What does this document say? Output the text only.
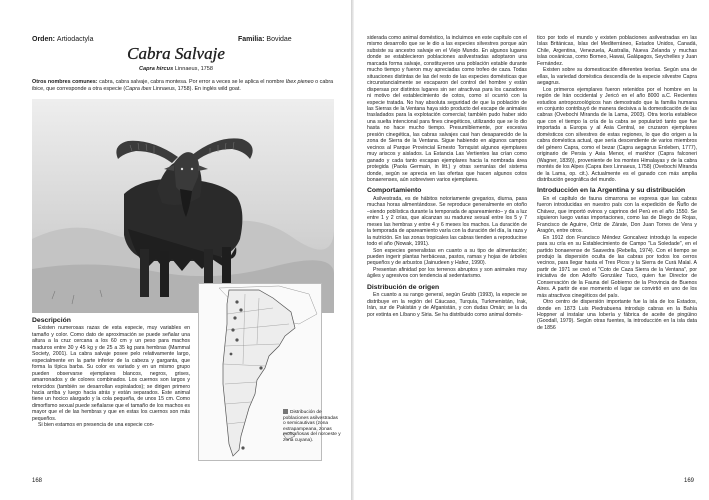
Orden: Artiodactyla	Familia: Bovidae
Cabra Salvaje
Capra hircus Linnaeus, 1758
Otros nombres comunes: cabra, cabra salvaje, cabra montesa. Por error a veces se le aplica el nombre Ibex pieneo o cabra ibice, que corresponde a otra especie (Capra ibex Linnaeus, 1758). En inglés wild goat.
Distribución de poblaciones asilvestradas o semicautivas (zona extrapampeana, zonas montañosas del noroeste y zona cuyana).
Descripción

Existen numerosas razas de esta especie, muy variables en tamaño y color. Como dato de aproximación se puede señalar una altura a la cruz cercana a los 60 cm y un peso para machos maduros entre 30 y 45 kg y de 25 a 35 kg para hembras (Mammal Society, 2001). La cabra salvaje posee pelo relativamente largo, especialmente en la parte inferior de la cabeza y garganta, que forma la típica barba. Su color es variado y en un mismo grupo pueden observarse ejemplares blancos, negros, grises, amarronados y de colores combinados. Los cuernos son largos y retorcidos (también se desarrollan espiralados); se dirigen primero hacia arriba y luego hacia atrás y están separados. Este animal tiene un hocico alargado y la cola pequeña, de unos 15 cm. Como dimorfismo sexual puede señalarse que el tamaño de los machos es mayor que el de las hembras y que en estas los cuernos son más pequeños.

Si bien estamos en presencia de una especie con-

168

siderada como animal doméstico, la incluimos en este capítulo con el mismo desarrollo que se le dio a las especies silvestres porque aún subsiste su ancestro salvaje en el Viejo Mundo. En algunos lugares donde se establecieron poblaciones asilvestradas adoptaron una marcada forma salvaje, constituyeron una población estable durante mucho tiempo y fueron muy apreciadas como trofeo de caza. Todas situaciones distintas de las del resto de las especies domésticas que circunstancialmente se escaparon del control del hombre y están dispersas por distintos lugares sin ser atractivas para los cazadores ni motivo del establecimiento de cotos, como sí ocurrió con la especie tratada. No hay absoluta seguridad de que la población de las Sierras de la Ventana haya sido producto del escape de animales trasladados para la explotación comercial; también pudo haber sido una suelta intencional para fines cinegéticos, utilizando que se lo dio hasta no hace mucho tiempo. Presumiblemente, por excesiva presión cinegética, las cabras salvajes casi han desaparecido de la zona de Sierra de la Ventana. Sigue habiendo en algunos campos vecinos al Parque Provincial Ernesto Tornquist algunos ejemplares muy ariscos y aislados. La Estancia Las Vertientes las crían como ganado y cada tanto escapan ejemplares hacia la nombrada área protegida (Paola Germain, in litt.) y otras serranías del sistema donde, según se aprecia en las ofertas que hacen algunos cotos bonaerenses, aún sobreviven varios ejemplares.

Comportamiento

Asilvestrada, es de hábitos notoriamente gregarios, diurna, pasa muchas horas alimentándose. Se reproduce generalmente en otoño –siendo poblística durante la temporada de apareamiento– y da a luz entre 1 y 2 crías, que alcanzan su madurez sexual entre los 5 y 7 meses las hembras y entre 4 y 6 meses los machos. La duración de la temporada de apareamiento varía con la duración del día, la raza y la nutrición. En las zonas tropicales las cabras tienden a reproducirse todo el año (Nowak, 1991).

Son especies generalistas en cuanto a su tipo de alimentación; pueden ingerir plantas herbáceas, pastos, ramas y hojas de árboles pequeños y de arbustos (Jainudeen y Hafez, 1990).

Presentan afinidad por los terrenos abruptos y son animales muy ágiles y agresivos con tendencia al sedentarismo.

Distribución de origen

En cuanto a su rango general, según Grubb (1993), la especie se distribuye en la región del Cáucaso, Turquía, Turkmenistán, Irak, Irán, sur de Pakistán y de Afganistán, y con dudas Omán; se la da por extinta en Líbano y Siria. Se ha distribuido como animal domés-

tico por todo el mundo y existen poblaciones asilvestradas en las Islas Británicas, Islas del Mediterráneo, Estados Unidos, Canadá, Chile, Argentina, Venezuela, Australia, Nueva Zelanda y muchas islas oceánicas, como Borneo, Hawai, Galápagos, Seychelles y Juan Fernández.

Existen sobre su domesticación diferentes teorías. Según una de ellas, la variedad doméstica descendía de la especie silvestre Capra aegagrus.

Los primeros ejemplares fueron retenidos por el hombre en la región de Irán occidental y Jericó en el año 8000 a.C. Recientes estudios antropozoológicos han demostrado que la familia humana en conjunto contribuyó de manera decisiva a la domesticación de las cabras (Ovebochi Miranda de la Lama, 2003). Otra teoría establece que con el tiempo la cría de la cabra se popularizó tanto que fue importada a Europa y al Asia Central, se cruzaron ejemplares domésticos con silvestres de estas regiones, lo que dio origen a la cabra doméstica actual, que sería descendiente de varios miembros del género Capra, como el bezar (Capra aegagrus Erxleben, 1777), originario de Persia y Asia Menor, el markhor (Capra falconeri (Wagner, 1839)), proveniente de los montes Himalayas y de la cabra montés de los Alpes (Capra ibex Linnaeus, 1758) (Ovebochi Miranda de la Lama, op. cit.). Actualmente es el ganado con más amplia distribución geográfica del mundo.

Introducción en la Argentina y su distribución

En el capítulo de fauna cimarrona se expresa que las cabras fueron introducidas en nuestro país con la expedición de Ñuflo de Chávez, que importó ovinos y caprinos del Perú en el año 1550. Se siguieron luego varias importaciones, como las de Diego de Rojas, Francisco de Aguirre, Ortiz de Zárate, Don Juan Torres de Vera y Aragón, entre otros.

En 1912 don Francisco Méndez Goncalvez introdujo la especie para su cría en su Establecimiento de Campo "La Soledade", en el partido bonaerense de Saavedra (Rebella, 1974). Con el tiempo se produjo la dispersión oculta de las cabras por todos los cerros vecinos, para llegar hasta el Tres Picos y la Sierra de Curá Malal. A partir de 1971 se creó el "Coto de Caza Sierra de la Ventana", por iniciativa de don Adolfo González Tuco, quien fue Director de Conservación de la Fauna del Gobierno de la Provincia de Buenos Aires. A partir de ese momento el lugar se convirtió en uno de los más atractivos cinegéticos del país.

Otro centro de dispersión importante fue la isla de los Estados, donde en 1873 Luis Piedrabuena introdujo cabras en la Bahía Hoppner al instalar una lobería y fábrica de aceite de pingüino (Goodall, 1979). Según otras fuentes, la introducción en la isla data de 1856

169
